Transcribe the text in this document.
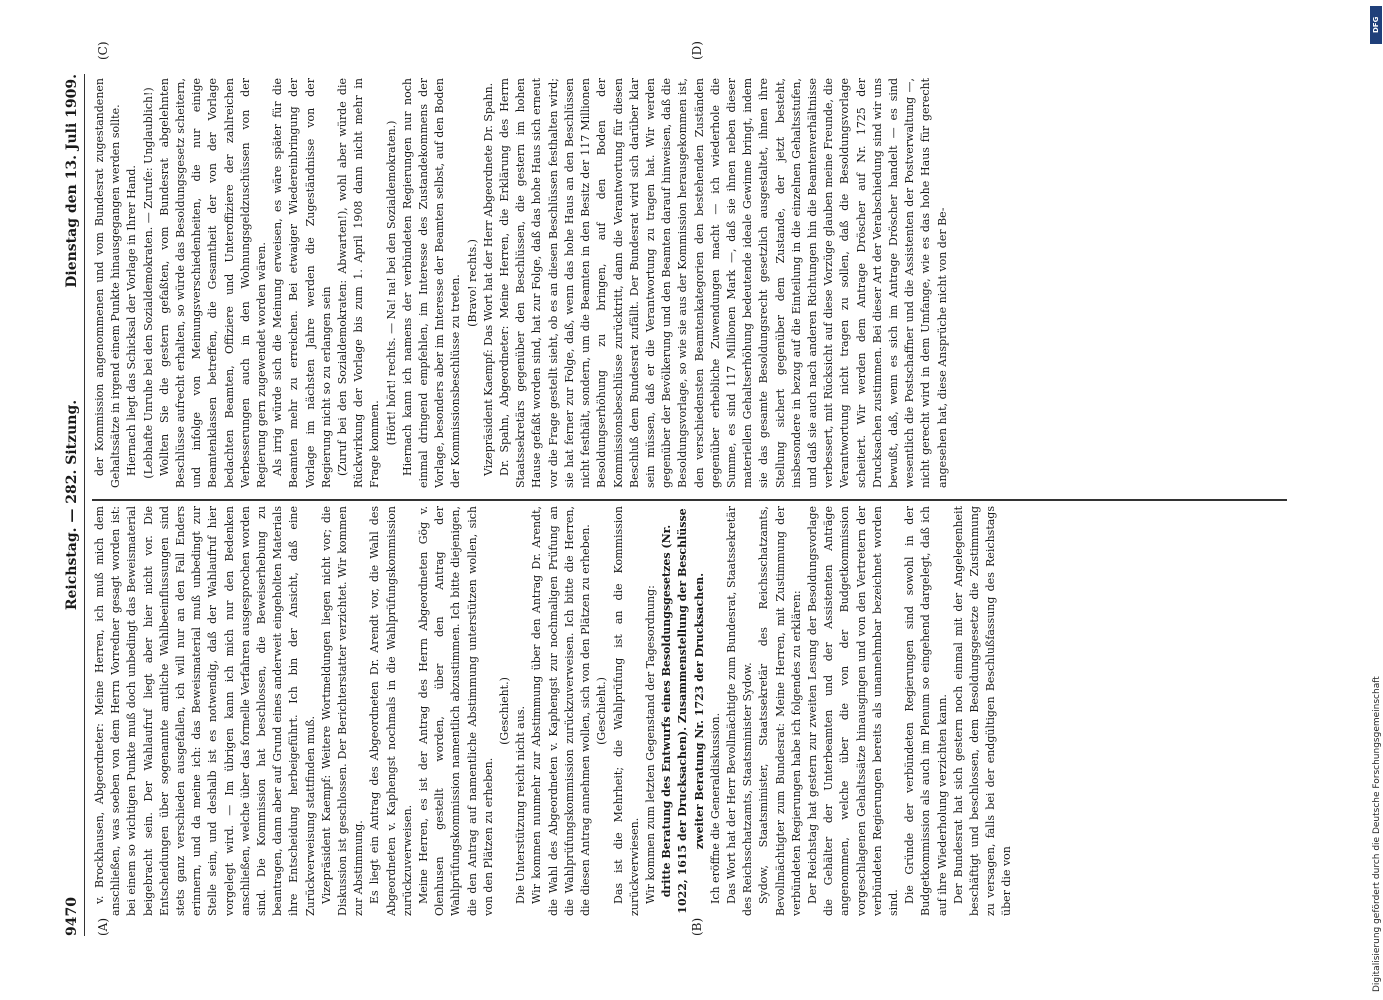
9470
Reichstag. — 282. Sitzung.
Dienstag den 13. Juli 1909.
(A)	(B)
(C)	(D)

v. Brockhausen, Abgeordneter: Meine Herren, ich muß mich dem anschließen, was soeben von dem Herrn Vorredner gesagt worden ist: bei einem so wichtigen Punkte muß doch unbedingt das Beweismaterial beigebracht sein. Der Wahlaufruf liegt aber hier nicht vor. Die Entscheidungen über sogenannte amtliche Wahlbeeinflussungen sind stets ganz verschieden ausgefallen, ich will nur an den Fall Enders erinnern, und da meine ich: das Beweismaterial muß unbedingt zur Stelle sein, und deshalb ist es notwendig, daß der Wahlaufruf hier vorgelegt wird. — Im übrigen kann ich mich nur den Bedenken anschließen, welche über das formelle Verfahren ausgesprochen worden sind. Die Kommission hat beschlossen, die Beweiserhebung zu beantragen, dann aber auf Grund eines anderweit eingeholten Materials ihre Entscheidung herbeigeführt. Ich bin der Ansicht, daß eine Zurückverweisung stattfinden muß. Vizepräsident Kaempf: Weitere Wortmeldungen liegen nicht vor; die Diskussion ist geschlossen. Der Berichterstatter verzichtet. Wir kommen zur Abstimmung. Es liegt ein Antrag des Abgeordneten Dr. Arendt vor, die Wahl des Abgeordneten v. Kaphengst nochmals in die Wahlprüfungskommission zurückzuverweisen. Meine Herren, es ist der Antrag des Herrn Abgeordneten Gög v. Olenhusen gestellt worden, über den Antrag der Wahlprüfungskommission namentlich abzustimmen. Ich bitte diejenigen, die den Antrag auf namentliche Abstimmung unterstützen wollen, sich von den Plätzen zu erheben.

(Geschieht.) Die Unterstützung reicht nicht aus. Wir kommen nunmehr zur Abstimmung über den Antrag Dr. Arendt, die Wahl des Abgeordneten v. Kaphengst zur nochmaligen Prüfung an die Wahlprüfungskommission zurückzuverweisen. Ich bitte die Herren, die diesen Antrag annehmen wollen, sich von den Plätzen zu erheben. (Geschieht.) Das ist die Mehrheit; die Wahlprüfung ist an die Kommission zurückverwiesen. Wir kommen zum letzten Gegenstand der Tagesordnung: dritte Beratung des Entwurfs eines Besoldungsgesetzes (Nr. 1022, 1615 der Drucksachen). Zusammenstellung der Beschlüsse zweiter Beratung Nr. 1723 der Drucksachen. Ich eröffne die Generaldiskussion. Das Wort hat der Herr Bevollmächtigte zum Bundesrat, Staatssekretär des Reichsschatzamts, Staatsminister Sydow. Sydow, Staatsminister, Staatssekretär des Reichsschatzamts, Bevollmächtigter zum Bundesrat: Meine Herren, mit Zustimmung der verbündeten Regierungen habe ich folgendes zu erklären: Der Reichstag hat gestern zur zweiten Lesung der Besoldungsvorlage die Gehälter der Unterbeamten und der Assistenten Anträge angenommen, welche über die von der Budgetkommission vorgeschlagenen Gehaltssätze hinausgingen und von den Vertretern der verbündeten Regierungen bereits als unannehmbar bezeichnet worden sind. Die Gründe der verbündeten Regierungen sind sowohl in der Budgetkommission als auch im Plenum so eingehend dargelegt, daß ich auf ihre Wiederholung verzichten kann. Der Bundesrat hat sich gestern noch einmal mit der Angelegenheit beschäftigt und beschlossen, dem Besoldungsgesetze die Zustimmung zu versagen, falls bei der endgültigen Beschlußfassung des Reichstags über die von

der Kommission angenommenen und vom Bundesrat zugestandenen Gehaltssätze in irgend einem Punkte hinausgegangen werden sollte. Hiernach liegt das Schicksal der Vorlage in Ihrer Hand. (Lebhafte Unruhe bei den Sozialdemokraten. — Zurufe: Unglaublich!) Wollten Sie die gestern gefaßten, vom Bundesrat abgelehnten Beschlüsse aufrecht erhalten, so würde das Besoldungsgesetz scheitern, und infolge von Meinungsverschiedenheiten, die nur einige Beamtenklassen betreffen, die Gesamtheit der von der Vorlage bedachten Beamten, Offiziere und Unteroffiziere der zahlreichen Verbesserungen auch in den Wohnungsgeldzuschüssen von der Regierung gern zugewendet worden wären. Als irrig würde sich die Meinung erweisen, es wäre später für die Beamten mehr zu erreichen. Bei etwaiger Wiedereinbringung der Vorlage im nächsten Jahre werden die Zugeständnisse von der Regierung nicht so zu erlangen sein (Zuruf bei den Sozialdemokraten: Abwarten!), wohl aber würde die Rückwirkung der Vorlage bis zum 1. April 1908 dann nicht mehr in Frage kommen. (Hört! hört! rechts. — Na! na! bei den Sozialdemokraten.) Hiernach kann ich namens der verbündeten Regierungen nur noch einmal dringend empfehlen, im Interesse des Zustandekommens der Vorlage, besonders aber im Interesse der Beamten selbst, auf den Boden der Kommissionsbeschlüsse zu treten. (Bravo! rechts.) Vizepräsident Kaempf: Das Wort hat der Herr Abgeordnete Dr. Spahn. Dr. Spahn, Abgeordneter: Meine Herren, die Erklärung des Herrn Staatssekretärs gegenüber den Beschlüssen, die gestern im hohen Hause gefaßt worden sind, hat zur Folge, daß das hohe Haus sich erneut vor die Frage gestellt sieht, ob es an diesen Beschlüssen festhalten wird; sie hat ferner zur Folge, daß, wenn das hohe Haus an den Beschlüssen nicht festhält, sondern, um die Beamten in den Besitz der 117 Millionen Besoldungserhöhung zu bringen, auf den Boden der Kommissionsbeschlüsse zurücktritt, dann die Verantwortung für diesen Beschluß dem Bundesrat zufällt. Der Bundesrat wird sich darüber klar sein müssen, daß er die Verantwortung zu tragen hat. Wir werden gegenüber der Bevölkerung und den Beamten darauf hinweisen, daß die Besoldungsvorlage, so wie sie aus der Kommission herausgekommen ist, den verschiedensten Beamtenkategorien den bestehenden Zuständen gegenüber erhebliche Zuwendungen macht — ich wiederhole die Summe, es sind 117 Millionen Mark —, daß sie ihnen neben dieser materiellen Gehaltserhöhung bedeutende ideale Gewinne bringt, indem sie das gesamte Besoldungsrecht gesetzlich ausgestaltet, ihnen ihre Stellung sichert gegenüber dem Zustande, der jetzt besteht, insbesondere in bezug auf die Einteilung in die einzelnen Gehaltsstufen, und daß sie auch nach anderen Richtungen hin die Beamtenverhältnisse verbessert, mit Rücksicht auf diese Vorzüge glauben meine Freunde, die Verantwortung nicht tragen zu sollen, daß die Besoldungsvorlage scheitert. Wir werden dem Antrage Dröscher auf Nr. 1725 der Drucksachen zustimmen. Bei dieser Art der Verabschiedung sind wir uns bewußt, daß, wenn es sich im Antrage Dröscher handelt — es sind wesentlich die Postschaffner und die Assistenten der Postverwaltung —, nicht gerecht wird in dem Umfange, wie es das hohe Haus für gerecht angesehen hat, diese Ansprüche nicht von der Be-

DFG
Digitalisierung gefördert durch die Deutsche Forschungsgemeinschaft
